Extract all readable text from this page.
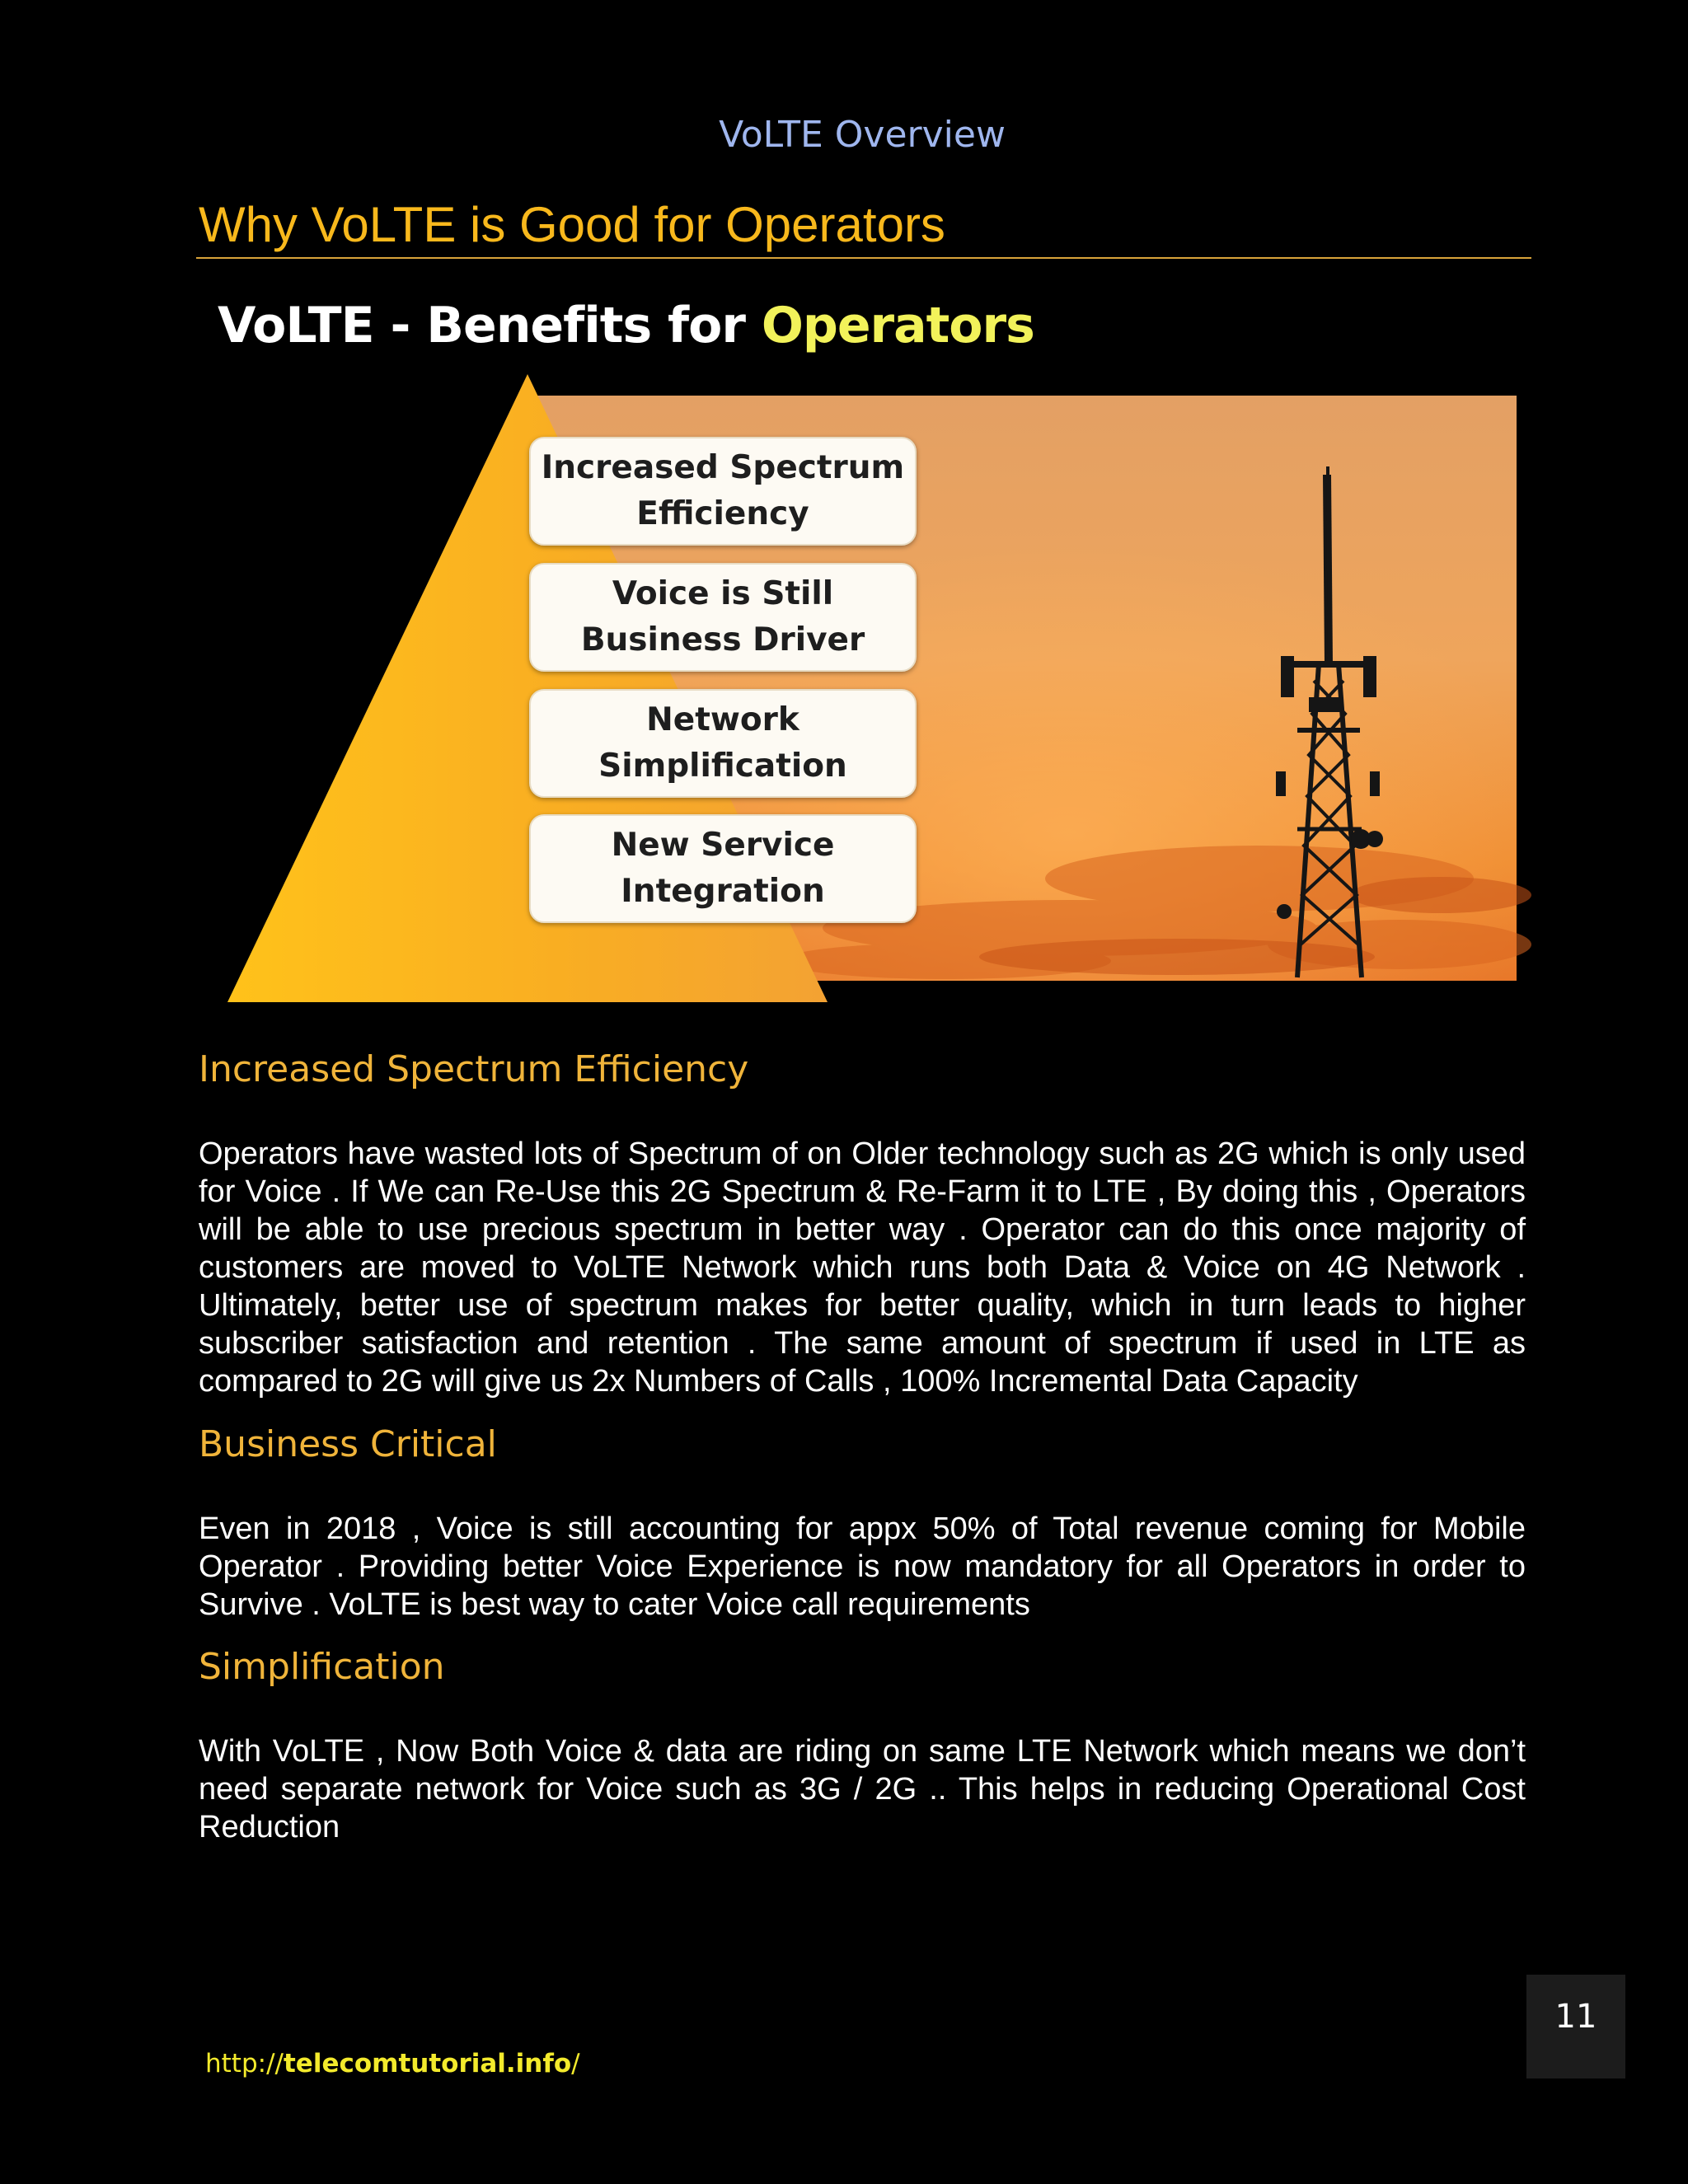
VoLTE Overview
Why VoLTE is Good for Operators
VoLTE - Benefits for Operators
Increased Spectrum Efficiency
Voice is Still Business Driver
Network Simplification
New Service Integration
Increased Spectrum Efficiency

Operators have wasted lots of Spectrum of on Older technology such as 2G which is only used for Voice . If We can Re-Use this 2G Spectrum & Re-Farm it to LTE , By doing this , Operators will be able to use precious spectrum in better way . Operator can do this once majority of customers are moved to VoLTE Network which runs both Data & Voice on 4G Network . Ultimately, better use of spectrum makes for better quality, which in turn leads to higher subscriber satisfaction and retention . The same amount of spectrum if used in LTE as compared to 2G will give us 2x Numbers of Calls , 100% Incremental Data Capacity

Business Critical

Even in 2018 , Voice is still accounting for appx 50% of Total revenue coming for Mobile Operator . Providing better Voice Experience is now mandatory for all Operators in order to Survive . VoLTE is best way to cater Voice call requirements

Simplification

With VoLTE , Now Both Voice & data are riding on same LTE Network which means we don’t need separate network for Voice such as 3G / 2G .. This helps in reducing Operational Cost Reduction

11
http://telecomtutorial.info/
